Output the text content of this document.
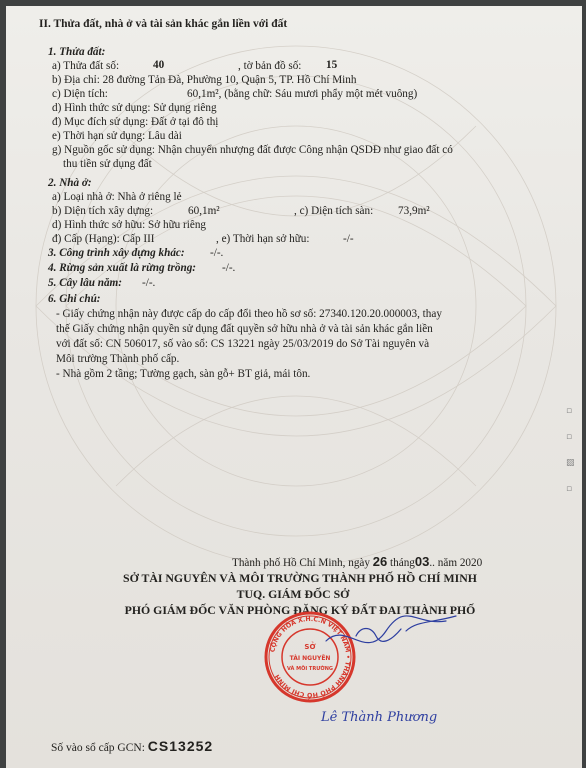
II. Thửa đất, nhà ở và tài sản khác gắn liền với đất
1. Thửa đất:
a) Thửa đất số:	40	, tờ bản đồ số: 15
b) Địa chỉ: 28 đường Tản Đà, Phường 10, Quận 5, TP. Hồ Chí Minh
c) Diện tích:	60,1m², (bằng chữ: Sáu mươi phẩy một mét vuông)
d) Hình thức sử dụng: Sử dụng riêng
đ) Mục đích sử dụng: Đất ở tại đô thị
e) Thời hạn sử dụng: Lâu dài
g) Nguồn gốc sử dụng: Nhận chuyển nhượng đất được Công nhận QSDĐ như giao đất có
thu tiền sử dụng đất
2. Nhà ở:
a) Loại nhà ở: Nhà ở riêng lẻ
b) Diện tích xây dựng:	60,1m²	, c) Diện tích sàn: 73,9m²
d) Hình thức sở hữu: Sở hữu riêng
đ) Cấp (Hạng): Cấp III	, e) Thời hạn sở hữu:	-/-
3. Công trình xây dựng khác: -/-.
4. Rừng sản xuất là rừng trồng: -/-.
5. Cây lâu năm: -/-.
6. Ghi chú:
- Giấy chứng nhận này được cấp do cấp đổi theo hồ sơ số: 27340.120.20.000003, thay
thế Giấy chứng nhận quyền sử dụng đất quyền sở hữu nhà ở và tài sản khác gắn liền
với đất số: CN 506017, số vào sổ: CS 13221 ngày 25/03/2019 do Sở Tài nguyên và
Môi trường Thành phố cấp.
- Nhà gồm 2 tầng; Tường gạch, sàn gỗ+ BT giả, mái tôn.
Thành phố Hồ Chí Minh, ngày 26 tháng03.. năm 2020
SỞ TÀI NGUYÊN VÀ MÔI TRƯỜNG THÀNH PHỐ HỒ CHÍ MINH
TUQ. GIÁM ĐỐC SỞ
PHÓ GIÁM ĐỐC VĂN PHÒNG ĐĂNG KÝ ĐẤT ĐAI THÀNH PHỐ
CỘNG HÒA X.H.C.N VIỆT NAM • THÀNH PHỐ HỒ CHÍ MINH
SỞ
TÀI NGUYÊN
VÀ MÔI TRƯỜNG
Lê Thành Phương
Số vào sổ cấp GCN: CS13252
▫
▫
▨
▫
